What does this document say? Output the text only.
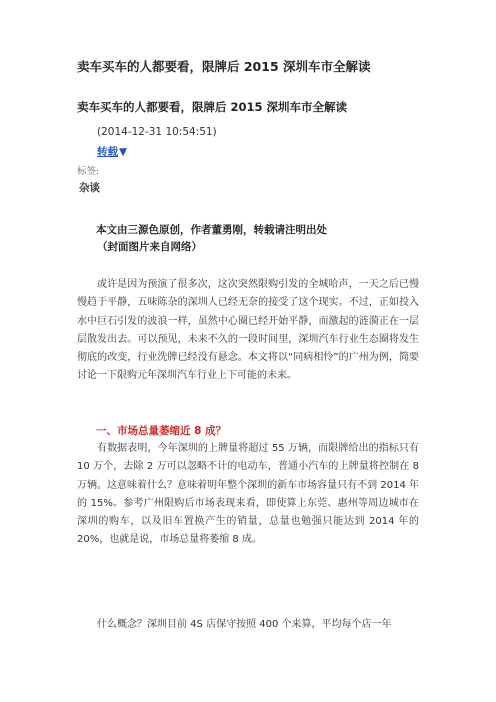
卖车买车的人都要看，限牌后 2015 深圳车市全解读
卖车买车的人都要看，限牌后 2015 深圳车市全解读
(2014-12-31 10:54:51)
转载▼
标签:
杂谈
本文由三源色原创，作者董勇刚，转载请注明出处
（封面图片来自网络）

或许是因为预演了很多次，这次突然限购引发的全城哈声，一天之后已慢慢趋于平静，五味陈杂的深圳人已经无奈的接受了这个现实。不过，正如投入水中巨石引发的波浪一样，虽然中心圈已经开始平静，而激起的涟漪正在一层层散发出去。可以预见，未来不久的一段时间里，深圳汽车行业生态圈将发生彻底的改变，行业洗牌已经没有悬念。本文将以“同病相怜”的广州为例，简要讨论一下限购元年深圳汽车行业上下可能的未来。

一、市场总量萎缩近 8 成？

有数据表明，今年深圳的上牌量将超过 55 万辆，而限牌给出的指标只有 10 万个，去除 2 万可以忽略不计的电动车，普通小汽车的上牌量将控制在 8 万辆。这意味着什么？意味着明年整个深圳的新车市场容量只有不到 2014 年的 15%。参考广州限购后市场表现来看，即使算上东莞、惠州等周边城市在深圳的购车，以及旧车置换产生的销量，总量也勉强只能达到 2014 年的 20%，也就是说，市场总量将萎缩 8 成。

什么概念？深圳目前 4S 店保守按照 400 个来算，平均每个店一年
